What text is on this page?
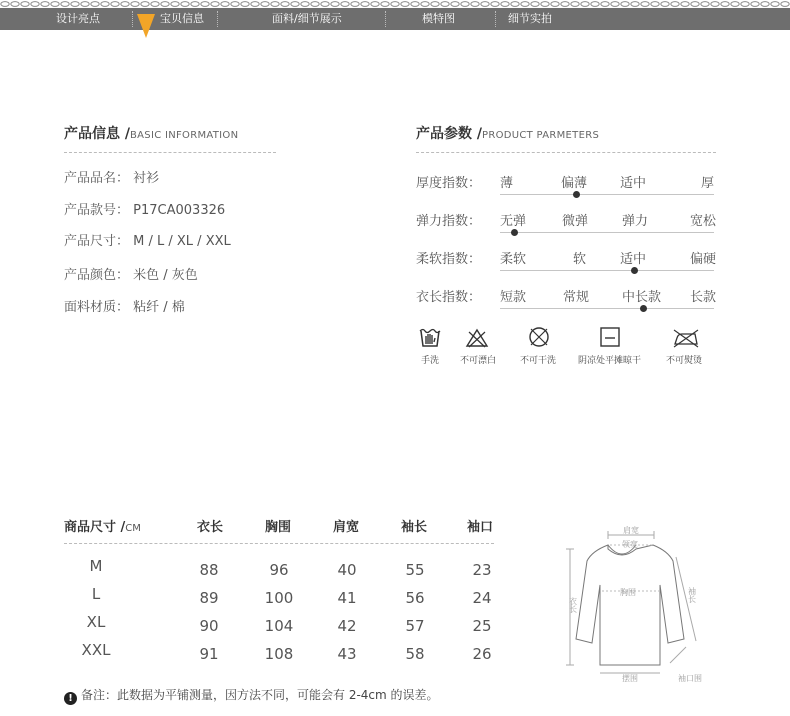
设计亮点	宝贝信息	面料/细节展示	模特图	细节实拍
产品信息 /BASIC INFORMATION
产品品名： 衬衫
产品款号： P17CA003326
产品尺寸： M / L / XL / XXL
产品颜色： 米色 / 灰色
面料材质： 粘纤 / 棉
产品参数 /PRODUCT PARMETERS
厚度指数： 薄	偏薄	适中	厚
弹力指数： 无弹	微弹	弹力	宽松
柔软指数： 柔软	软	适中	偏硬
衣长指数： 短款	常规	中长款 长款
手洗 不可漂白	不可干洗 阴凉处平摊晾干	不可熨烫
商品尺寸 /CM	衣长	胸围	肩宽	袖长	袖口
M	88	96	40	55	23
L	89	100	41	56	24
XL	90	104	42	57	25
XXL	91	108	43	58	26
肩宽
领宽
胸围
衣长
袖长
摆围	袖口围
! 备注：此数据为平铺测量，因方法不同，可能会有 2-4cm 的误差。
